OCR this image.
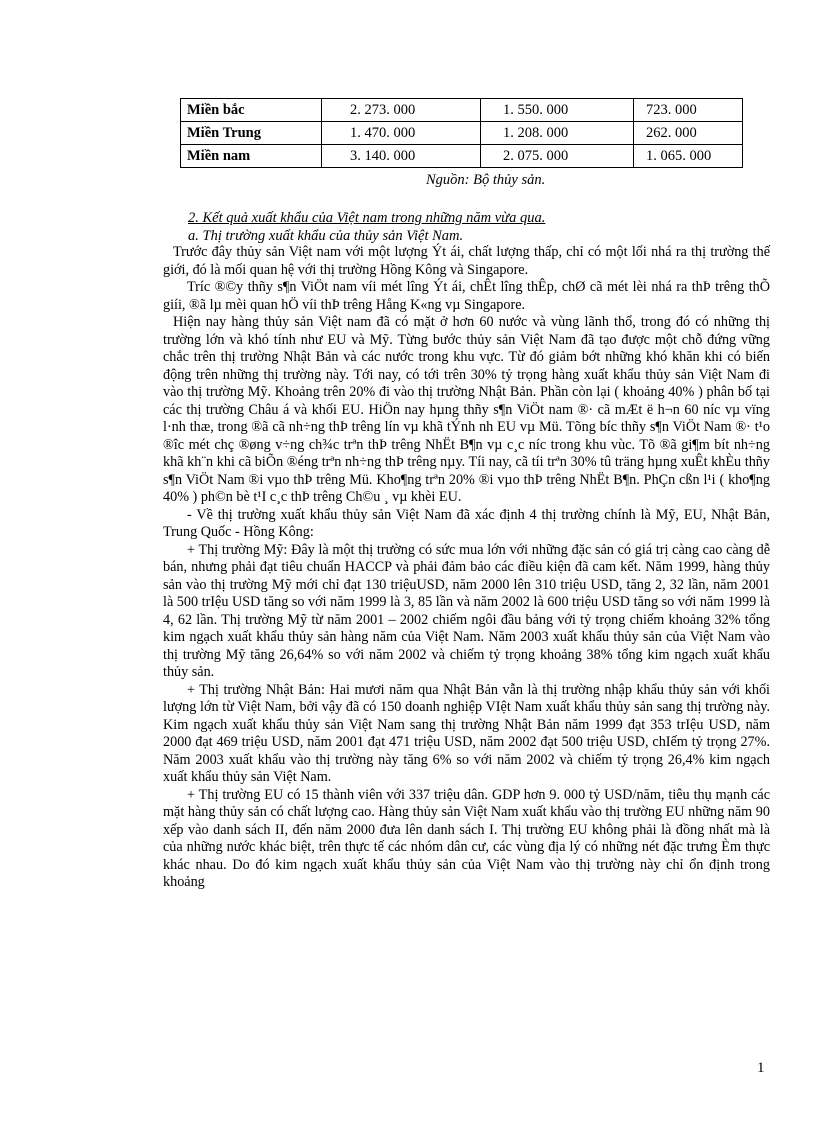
Miền bắc	2. 273. 000	1. 550. 000	723. 000
Miền Trung	1. 470. 000	1. 208. 000	262. 000
Miền nam	3. 140. 000	2. 075. 000	1. 065. 000
Nguồn: Bộ thủy sản.
2. Kết quả xuất khẩu của Việt nam trong những năm vừa qua.
a. Thị trường xuất khẩu của thủy sản Việt Nam.

Trước đây thủy sản Việt nam với một lượng Ýt ái, chất lượng thấp, chỉ có một lối nhá ra thị trường thế giới, đó là mối quan hệ với thị trường Hồng Kông và Singapore.

Tríc ®©y thñy s¶n ViÖt nam víi mét lîng Ýt ái, chÊt lîng thÊp, chØ cã mét lèi nhá ra thÞ trêng thÕ giíi, ®ã lµ mèi quan hÖ víi thÞ trêng Hång K«ng vµ Singapore.

Hiện nay hàng thủy sản Việt nam đã có mặt ở hơn 60 nước và vùng lãnh thổ, trong đó có những thị trường lớn và khó tính như EU và Mỹ. Từng bước thủy sản Việt Nam đã tạo được một chỗ đứng vững chắc trên thị trường Nhật Bản và các nước trong khu vực. Từ đó giảm bớt những khó khăn khi có biến động trên những thị trường này. Tới nay, có tới trên 30% tỷ trọng hàng xuất khẩu thủy sản Việt Nam đi vào thị trường Mỹ. Khoảng trên 20% đi vào thị trường Nhật Bản. Phần còn lại ( khoảng 40% ) phân bố tại các thị trường Châu á và khối EU. HiÖn nay hµng thñy s¶n ViÖt nam ®· cã mÆt ë h¬n 60 níc vµ vïng l·nh thæ, trong ®ã cã nh÷ng thÞ trêng lín vµ khã tÝnh nh EU vµ Mü. Tõng bíc thñy s¶n ViÖt Nam ®· t¹o ®îc mét chç ®øng v÷ng ch¾c trªn thÞ trêng NhËt B¶n vµ c¸c níc trong khu vùc. Tõ ®ã gi¶m bít nh÷ng khã kh¨n khi cã biÕn ®éng trªn nh÷ng thÞ trêng nµy. Tíi nay, cã tíi trªn 30% tû träng hµng xuÊt khÈu thñy s¶n ViÖt Nam ®i vµo thÞ trêng Mü. Kho¶ng trªn 20% ®i vµo thÞ trêng NhËt B¶n. PhÇn cßn l¹i ( kho¶ng 40% ) ph©n bè t¹I c¸c thÞ trêng Ch©u ¸ vµ khèi EU.

- Về thị trường xuất khẩu thủy sản Việt Nam đã xác định 4 thị trường chính là Mỹ, EU, Nhật Bản, Trung Quốc - Hồng Kông:

+ Thị trường Mỹ: Đây là một thị trường có sức mua lớn với những đặc sản có giá trị càng cao càng dễ bán, nhưng phải đạt tiêu chuẩn HACCP và phải đảm bảo các điều kiện đã cam kết. Năm 1999, hàng thủy sản vào thị trường Mỹ mới chỉ đạt 130 triệuUSD, năm 2000 lên 310 triệu USD, tăng 2, 32 lần, năm 2001 là 500 trIệu USD tăng so với năm 1999 là 3, 85 lần và năm 2002 là 600 triệu USD tăng so với năm 1999 là 4, 62 lần. Thị trường Mỹ từ năm 2001 – 2002 chiếm ngôi đầu bảng với tỷ trọng chiếm khoảng 32% tổng kim ngạch xuất khẩu thủy sản hàng năm của Việt Nam. Năm 2003 xuất khẩu thủy sản của Việt Nam vào thị trường Mỹ tăng 26,64% so với năm 2002 và chiếm tỷ trọng khoảng 38% tổng kim ngạch xuất khẩu thủy sản.

+ Thị trường Nhật Bản: Hai mươi năm qua Nhật Bản vẫn là thị trường nhập khẩu thủy sản với khối lượng lớn từ Việt Nam, bởi vậy đã có 150 doanh nghiệp VIệt Nam xuất khẩu thủy sản sang thị trường này. Kim ngạch xuất khẩu thủy sản Việt Nam sang thị trường Nhật Bản năm 1999 đạt 353 trIệu USD, năm 2000 đạt 469 triệu USD, năm 2001 đạt 471 triệu USD, năm 2002 đạt 500 triệu USD, chIếm tỷ trọng 27%. Năm 2003 xuất khẩu vào thị trường này tăng 6% so với năm 2002 và chiếm tỷ trọng 26,4% kim ngạch xuất khẩu thủy sản Việt Nam.

+ Thị trường EU có 15 thành viên với 337 triệu dân. GDP hơn 9. 000 tỷ USD/năm, tiêu thụ mạnh các mặt hàng thủy sản có chất lượng cao. Hàng thủy sản Việt Nam xuất khẩu vào thị trường EU những năm 90 xếp vào danh sách II, đến năm 2000 đưa lên danh sách I. Thị trường EU không phải là đồng nhất mà là của những nước khác biệt, trên thực tế các nhóm dân cư, các vùng địa lý có những nét đặc trưng Èm thực khác nhau. Do đó kim ngạch xuất khẩu thủy sản của Việt Nam vào thị trường này chỉ ổn định trong khoảng

1
